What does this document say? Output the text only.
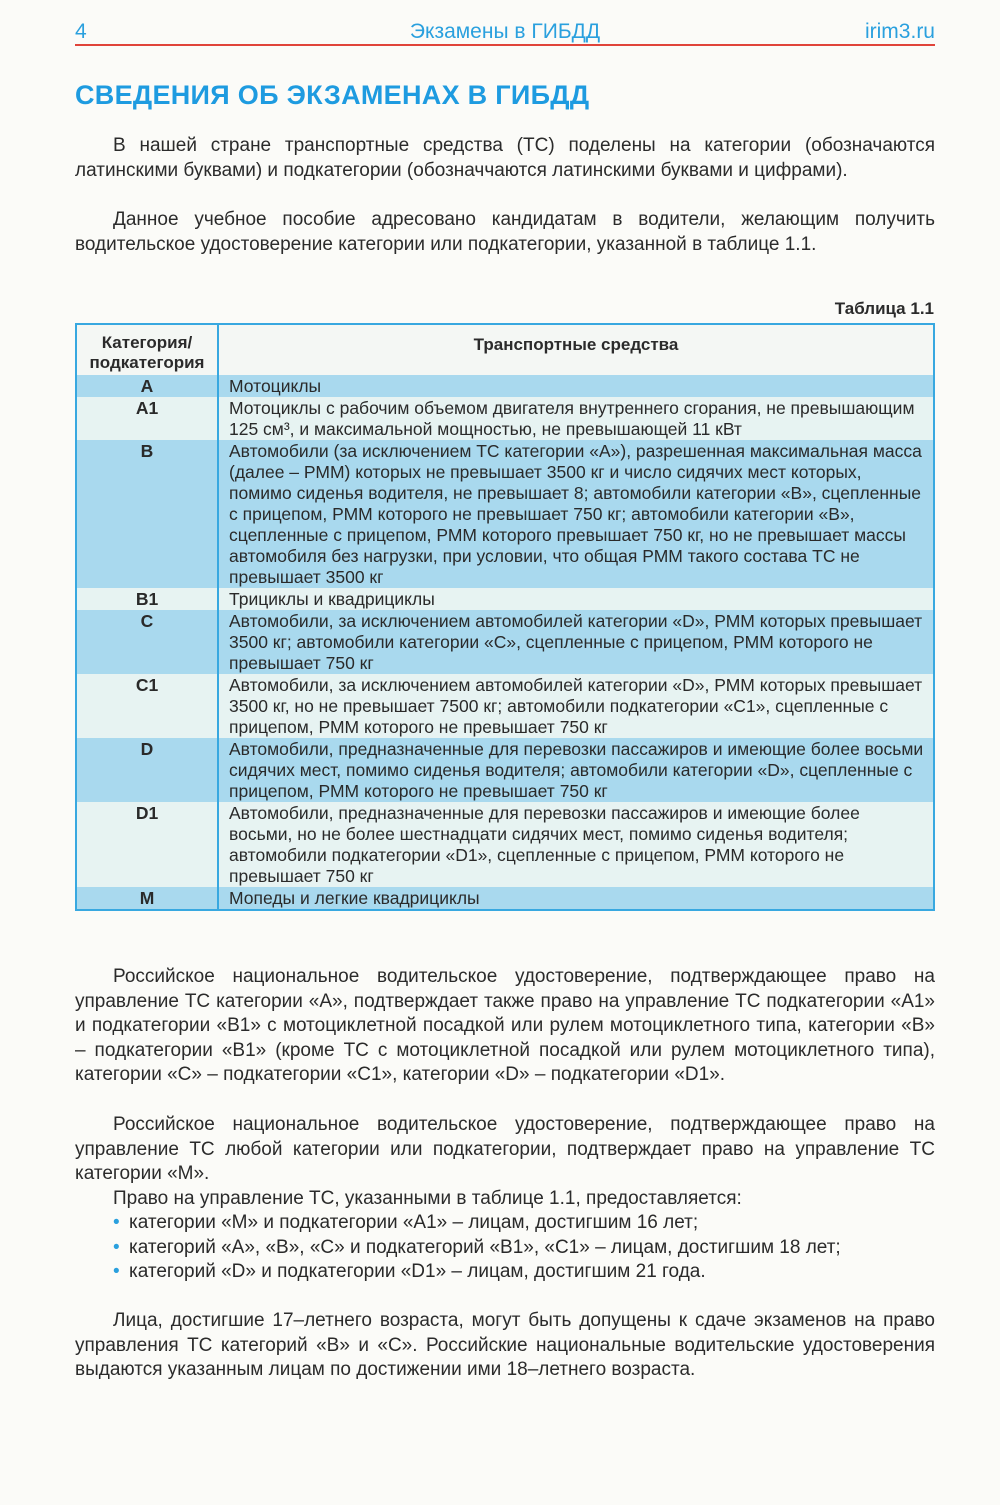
4	Экзамены в ГИБДД	irim3.ru
СВЕДЕНИЯ ОБ ЭКЗАМЕНАХ В ГИБДД

В нашей стране транспортные средства (ТС) поделены на категории (обозначаются латинскими буквами) и подкатегории (обозначчаются латинскими буквами и цифрами).

Данное учебное пособие адресовано кандидатам в водители, желающим получить водительское удостоверение категории или подкатегории, указанной в таблице 1.1.

Таблица 1.1
Категория/ подкатегория	Транспортные средства
A	Мотоциклы
A1	Мотоциклы с рабочим объемом двигателя внутреннего сгорания, не превышающим 125 см³, и максимальной мощностью, не превышающей 11 кВт
B	Автомобили (за исключением ТС категории «А»), разрешенная максимальная масса (далее – РММ) которых не превышает 3500 кг и число сидячих мест которых, помимо сиденья водителя, не превышает 8; автомобили категории «В», сцепленные с прицепом, РММ которого не превышает 750 кг; автомобили категории «В», сцепленные с прицепом, РММ которого превышает 750 кг, но не превышает массы автомобиля без нагрузки, при условии, что общая РММ такого состава ТС не превышает 3500 кг
B1	Трициклы и квадрициклы
C	Автомобили, за исключением автомобилей категории «D», РММ которых превышает 3500 кг; автомобили категории «С», сцепленные с прицепом, РММ которого не превышает 750 кг
C1	Автомобили, за исключением автомобилей категории «D», РММ которых превышает 3500 кг, но не превышает 7500 кг; автомобили подкатегории «С1», сцепленные с прицепом, РММ которого не превышает 750 кг
D	Автомобили, предназначенные для перевозки пассажиров и имеющие более восьми сидячих мест, помимо сиденья водителя; автомобили категории «D», сцепленные с прицепом, РММ которого не превышает 750 кг
D1	Автомобили, предназначенные для перевозки пассажиров и имеющие более восьми, но не более шестнадцати сидячих мест, помимо сиденья водителя; автомобили подкатегории «D1», сцепленные с прицепом, РММ которого не превышает 750 кг
M	Мопеды и легкие квадрициклы

Российское национальное водительское удостоверение, подтверждающее право на управление ТС категории «А», подтверждает также право на управление ТС подкатегории «А1» и подкатегории «В1» с мотоциклетной посадкой или рулем мотоциклетного типа, категории «В» – подкатегории «В1» (кроме ТС с мотоциклетной посадкой или рулем мотоциклетного типа), категории «С» – подкатегории «С1», категории «D» – подкатегории «D1».

Российское национальное водительское удостоверение, подтверждающее право на управление ТС любой категории или подкатегории, подтверждает право на управление ТС категории «М».

Право на управление ТС, указанными в таблице 1.1, предоставляется:

• категории «М» и подкатегории «А1» – лицам, достигшим 16 лет;
• категорий «А», «В», «С» и подкатегорий «В1», «С1» – лицам, достигшим 18 лет;
• категорий «D» и подкатегории «D1» – лицам, достигшим 21 года.

Лица, достигшие 17–летнего возраста, могут быть допущены к сдаче экзаменов на право управления ТС категорий «В» и «С». Российские национальные водительские удостоверения выдаются указанным лицам по достижении ими 18–летнего возраста.
